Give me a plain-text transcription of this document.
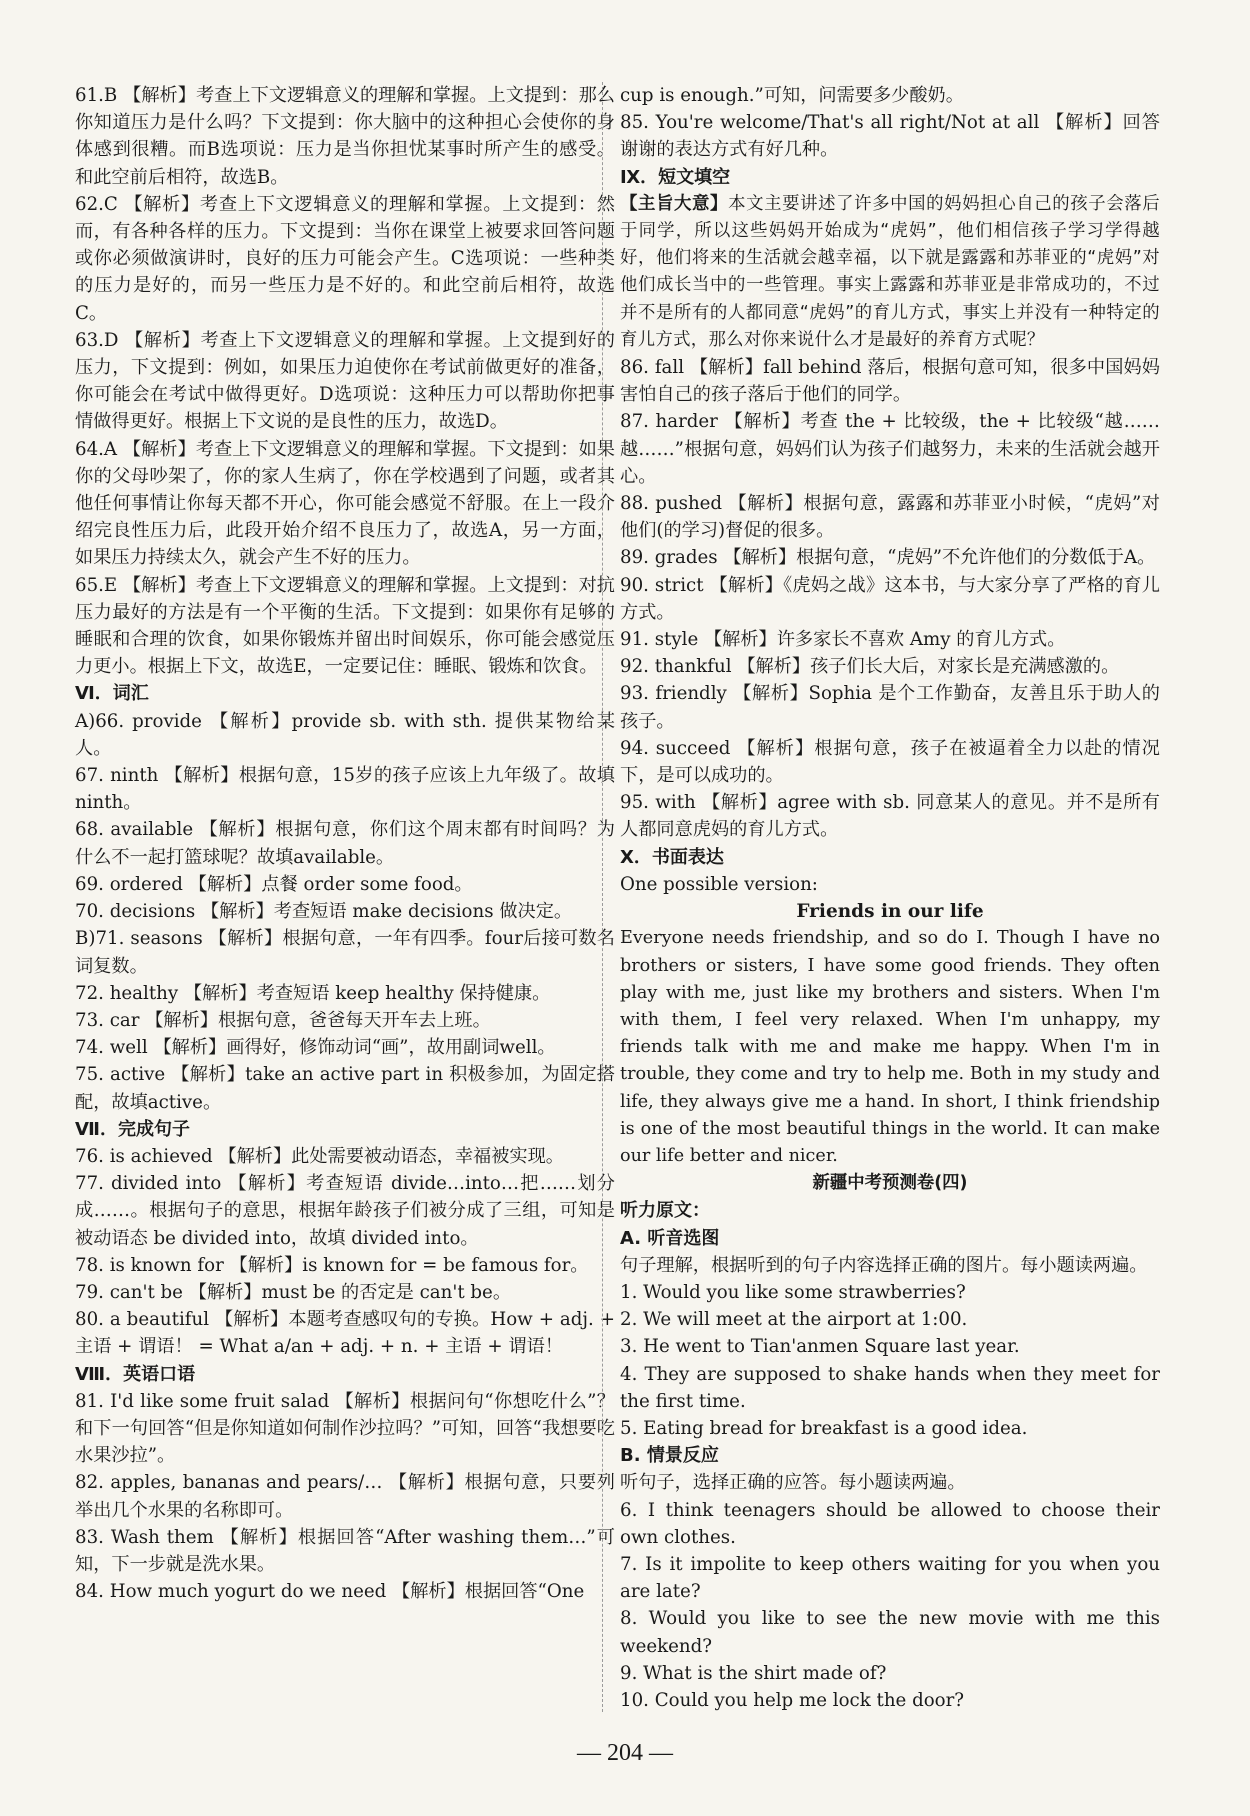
61.B 【解析】考查上下文逻辑意义的理解和掌握。上文提到：那么你知道压力是什么吗？下文提到：你大脑中的这种担心会使你的身体感到很糟。而B选项说：压力是当你担忧某事时所产生的感受。和此空前后相符，故选B。

62.C 【解析】考查上下文逻辑意义的理解和掌握。上文提到：然而，有各种各样的压力。下文提到：当你在课堂上被要求回答问题或你必须做演讲时，良好的压力可能会产生。C选项说：一些种类的压力是好的，而另一些压力是不好的。和此空前后相符，故选C。

63.D 【解析】考查上下文逻辑意义的理解和掌握。上文提到好的压力，下文提到：例如，如果压力迫使你在考试前做更好的准备，你可能会在考试中做得更好。D选项说：这种压力可以帮助你把事情做得更好。根据上下文说的是良性的压力，故选D。

64.A 【解析】考查上下文逻辑意义的理解和掌握。下文提到：如果你的父母吵架了，你的家人生病了，你在学校遇到了问题，或者其他任何事情让你每天都不开心，你可能会感觉不舒服。在上一段介绍完良性压力后，此段开始介绍不良压力了，故选A，另一方面，如果压力持续太久，就会产生不好的压力。

65.E 【解析】考查上下文逻辑意义的理解和掌握。上文提到：对抗压力最好的方法是有一个平衡的生活。下文提到：如果你有足够的睡眠和合理的饮食，如果你锻炼并留出时间娱乐，你可能会感觉压力更小。根据上下文，故选E，一定要记住：睡眠、锻炼和饮食。

Ⅵ．词汇

A)66. provide 【解析】provide sb. with sth. 提供某物给某人。

67. ninth 【解析】根据句意，15岁的孩子应该上九年级了。故填ninth。

68. available 【解析】根据句意，你们这个周末都有时间吗？为什么不一起打篮球呢？故填available。

69. ordered 【解析】点餐 order some food。

70. decisions 【解析】考查短语 make decisions 做决定。

B)71. seasons 【解析】根据句意，一年有四季。four后接可数名词复数。

72. healthy 【解析】考查短语 keep healthy 保持健康。

73. car 【解析】根据句意，爸爸每天开车去上班。

74. well 【解析】画得好，修饰动词“画”，故用副词well。

75. active 【解析】take an active part in 积极参加，为固定搭配，故填active。

Ⅶ．完成句子

76. is achieved 【解析】此处需要被动语态，幸福被实现。

77. divided into 【解析】考查短语 divide…into…把……划分成……。根据句子的意思，根据年龄孩子们被分成了三组，可知是被动语态 be divided into，故填 divided into。

78. is known for 【解析】is known for = be famous for。

79. can't be 【解析】must be 的否定是 can't be。

80. a beautiful 【解析】本题考查感叹句的专换。How + adj. + 主语 + 谓语！ = What a/an + adj. + n. + 主语 + 谓语！

Ⅷ．英语口语

81. I'd like some fruit salad 【解析】根据问句“你想吃什么”？和下一句回答“但是你知道如何制作沙拉吗？”可知，回答“我想要吃水果沙拉”。

82. apples, bananas and pears/… 【解析】根据句意，只要列举出几个水果的名称即可。

83. Wash them 【解析】根据回答“After washing them…”可知，下一步就是洗水果。

84. How much yogurt do we need 【解析】根据回答“One

cup is enough.”可知，问需要多少酸奶。

85. You're welcome/That's all right/Not at all 【解析】回答谢谢的表达方式有好几种。

Ⅸ．短文填空

【主旨大意】本文主要讲述了许多中国的妈妈担心自己的孩子会落后于同学，所以这些妈妈开始成为“虎妈”，他们相信孩子学习学得越好，他们将来的生活就会越幸福，以下就是露露和苏菲亚的“虎妈”对他们成长当中的一些管理。事实上露露和苏菲亚是非常成功的，不过并不是所有的人都同意“虎妈”的育儿方式，事实上并没有一种特定的育儿方式，那么对你来说什么才是最好的养育方式呢？

86. fall 【解析】fall behind 落后，根据句意可知，很多中国妈妈害怕自己的孩子落后于他们的同学。

87. harder 【解析】考查 the + 比较级，the + 比较级“越……越……”根据句意，妈妈们认为孩子们越努力，未来的生活就会越开心。

88. pushed 【解析】根据句意，露露和苏菲亚小时候，“虎妈”对他们(的学习)督促的很多。

89. grades 【解析】根据句意，“虎妈”不允许他们的分数低于A。

90. strict 【解析】《虎妈之战》这本书，与大家分享了严格的育儿方式。

91. style 【解析】许多家长不喜欢 Amy 的育儿方式。

92. thankful 【解析】孩子们长大后，对家长是充满感激的。

93. friendly 【解析】Sophia 是个工作勤奋，友善且乐于助人的孩子。

94. succeed 【解析】根据句意，孩子在被逼着全力以赴的情况下，是可以成功的。

95. with 【解析】agree with sb. 同意某人的意见。并不是所有人都同意虎妈的育儿方式。

Ⅹ．书面表达

One possible version:

Friends in our life

Everyone needs friendship, and so do I. Though I have no brothers or sisters, I have some good friends. They often play with me, just like my brothers and sisters. When I'm with them, I feel very relaxed. When I'm unhappy, my friends talk with me and make me happy. When I'm in trouble, they come and try to help me. Both in my study and life, they always give me a hand. In short, I think friendship is one of the most beautiful things in the world. It can make our life better and nicer.

新疆中考预测卷(四)

听力原文：

A. 听音选图

句子理解，根据听到的句子内容选择正确的图片。每小题读两遍。

1. Would you like some strawberries?

2. We will meet at the airport at 1:00.

3. He went to Tian'anmen Square last year.

4. They are supposed to shake hands when they meet for the first time.

5. Eating bread for breakfast is a good idea.

B. 情景反应

听句子，选择正确的应答。每小题读两遍。

6. I think teenagers should be allowed to choose their own clothes.

7. Is it impolite to keep others waiting for you when you are late?

8. Would you like to see the new movie with me this weekend?

9. What is the shirt made of?

10. Could you help me lock the door?

— 204 —
